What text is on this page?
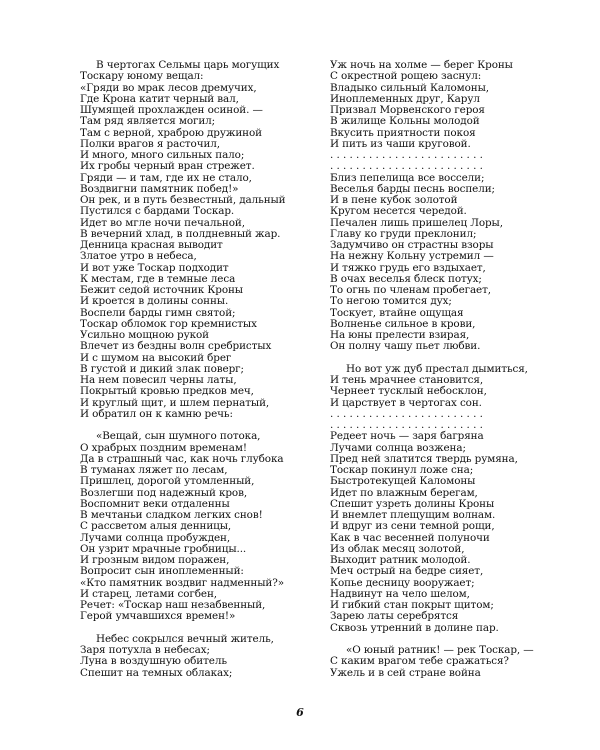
В чертогах Сельмы царь могущих
Тоскару юному вещал:
«Гряди во мрак лесов дремучих,
Где Крона катит черный вал,
Шумящей прохлажден осиной. —
Там ряд является могил;
Там с верной, храброю дружиной
Полки врагов я расточил,
И много, много сильных пало;
Их гробы черный вран стрежет.
Гряди — и там, где их не стало,
Воздвигни памятник побед!»
Он рек, и в путь безвестный, дальный
Пустился с бардами Тоскар.
Идет во мгле ночи печальной,
В вечерний хлад, в полдневный жар.
Денница красная выводит
Златое утро в небеса,
И вот уже Тоскар подходит
К местам, где в темные леса
Бежит седой источник Кроны
И кроется в долины сонны.
Воспели барды гимн святой;
Тоскар обломок гор кремнистых
Усильно мощною рукой
Влечет из бездны волн сребристых
И с шумом на высокий брег
В густой и дикий злак поверг;
На нем повесил черны латы,
Покрытый кровью предков меч,
И круглый щит, и шлем пернатый,
И обратил он к камню речь:
«Вещай, сын шумного потока,
О храбрых поздним временам!
Да в страшный час, как ночь глубока
В туманах ляжет по лесам,
Пришлец, дорогой утомленный,
Возлегши под надежный кров,
Воспомнит веки отдаленны
В мечтаньи сладком легких снов!
С рассветом алыя денницы,
Лучами солнца пробужден,
Он узрит мрачные гробницы...
И грозным видом поражен,
Вопросит сын иноплеменный:
«Кто памятник воздвиг надменный?»
И старец, летами согбен,
Речет: «Тоскар наш незабвенный,
Герой умчавшихся времен!»
Небес сокрылся вечный житель,
Заря потухла в небесах;
Луна в воздушную обитель
Спешит на темных облаках;
Уж ночь на холме — берег Кроны
С окрестной рощею заснул:
Владыко сильный Каломоны,
Иноплеменных друг, Карул
Призвал Морвенского героя
В жилище Кольны молодой
Вкусить приятности покоя
И пить из чаши круговой.
........................
........................
Близ пепелища все воссели;
Веселья барды песнь воспели;
И в пене кубок золотой
Кругом несется чередой.
Печален лишь пришелец Лоры,
Главу ко груди преклонил;
Задумчиво он страстны взоры
На нежну Кольну устремил —
И тяжко грудь его вздыхает,
В очах веселья блеск потух;
То огнь по членам пробегает,
То негою томится дух;
Тоскует, втайне ощущая
Волненье сильное в крови,
На юны прелести взирая,
Он полну чашу пьет любви.
Но вот уж дуб престал дымиться,
И тень мрачнее становится,
Чернеет тусклый небосклон,
И царствует в чертогах сон.
........................
........................
Редеет ночь — заря багряна
Лучами солнца возжена;
Пред ней златится твердь румяна,
Тоскар покинул ложе сна;
Быстротекущей Каломоны
Идет по влажным берегам,
Спешит узреть долины Кроны
И внемлет плещущим волнам.
И вдруг из сени темной рощи,
Как в час весенней полуночи
Из облак месяц золотой,
Выходит ратник молодой.
Меч острый на бедре сияет,
Копье десницу вооружает;
Надвинут на чело шелом,
И гибкий стан покрыт щитом;
Зарею латы серебрятся
Сквозь утренний в долине пар.
«О юный ратник! — рек Тоскар, —
С каким врагом тебе сражаться?
Ужель и в сей стране война
6
